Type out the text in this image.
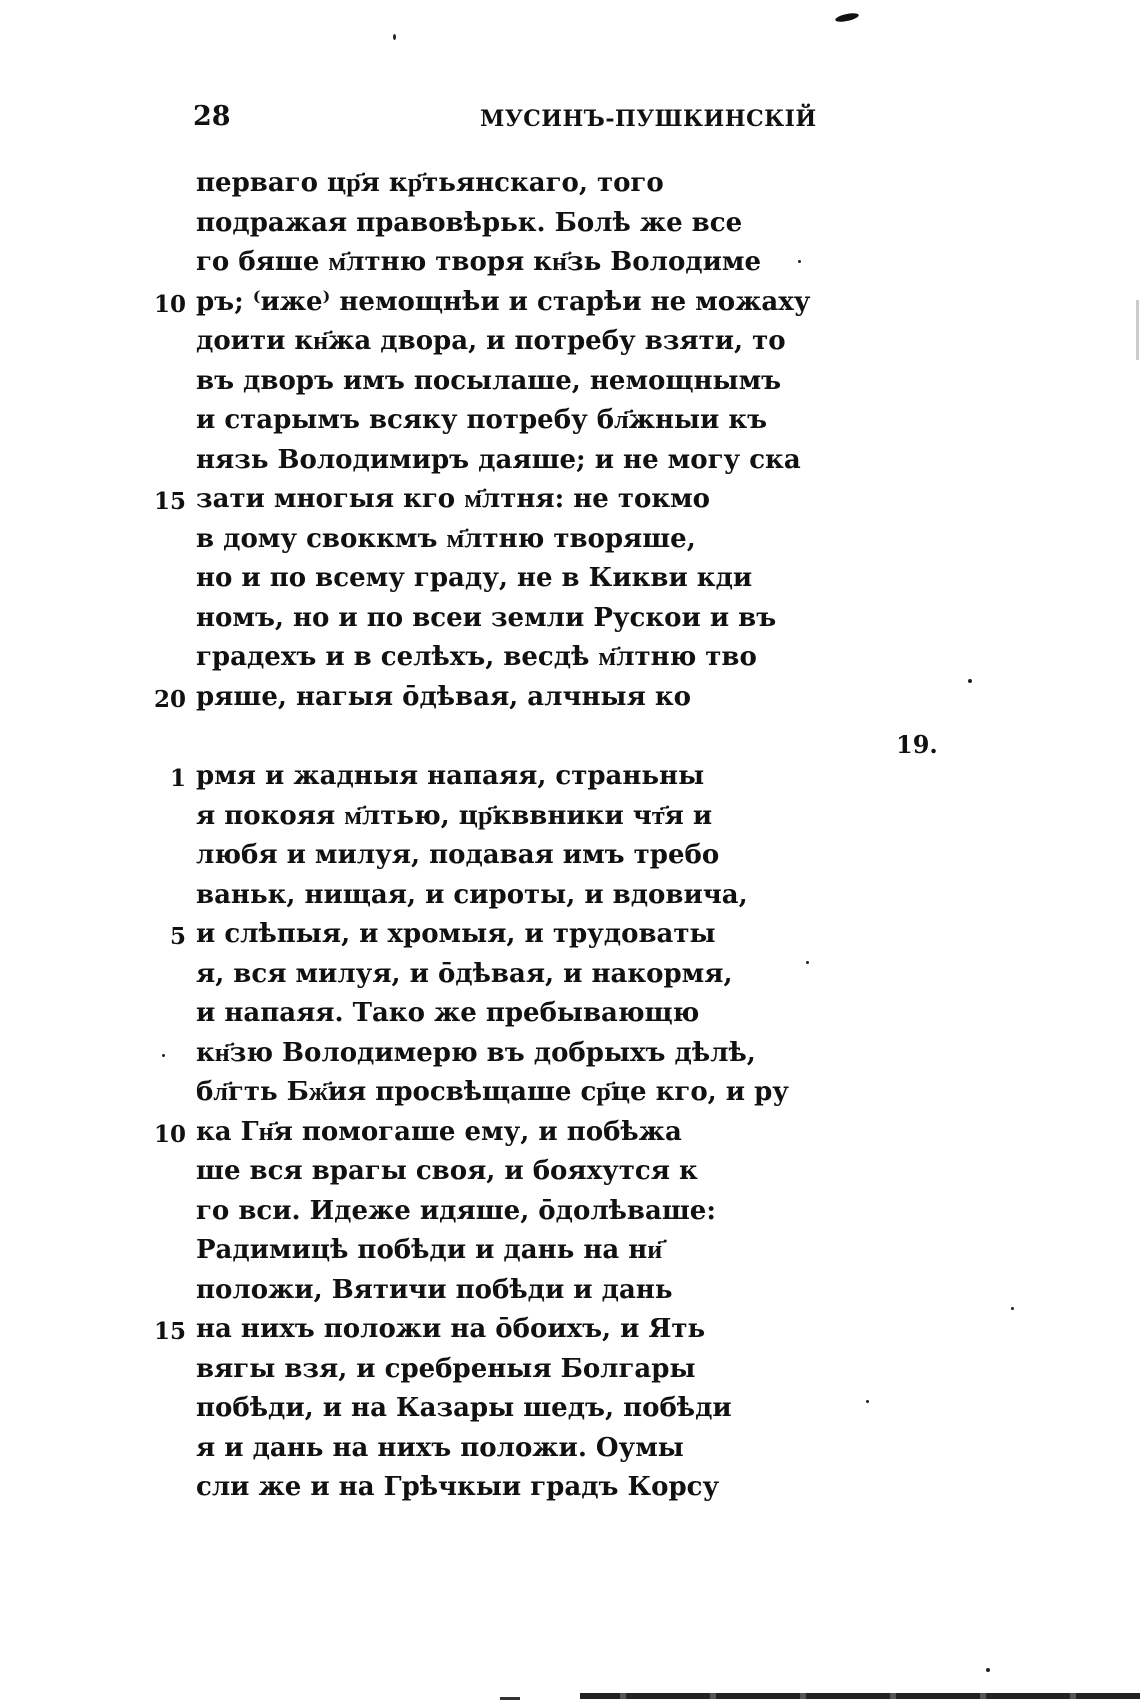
28	МУСИНЪ-ПУШКИНСКІЙ
19.
перваго цр҃я кр҃тьянскаго, того
подражая правовѣрьк. Болѣ же все
го бяше м҃лтню творя кн҃зь Володиме
10 ръ; ⁽иже⁾ немощнѣи и старѣи не можаху
доити кн҃жа двора, и потребу взяти, то
въ дворъ имъ посылаше, немощнымъ
и старымъ всяку потребу бл҃жныи къ
нязь Володимиръ даяше; и не могу ска
15 зати многыя кго м҃лтня: не токмо
в дому своккмъ м҃лтню творяше,
но и по всему граду, не в Кикви кди
номъ, но и по всеи земли Рускои и въ
градехъ и в селѣхъ, веcдѣ м҃лтню тво
20 ряше, нагыя ōдѣвая, алчныя ко
1 рмя и жадныя напаяя, страньны
я покояя м҃лтью, цр҃кввники чт҃я и
любя и милуя, подавая имъ требо
ваньк, нищая, и сироты, и вдовича,
5 и слѣпыя, и хромыя, и трудоваты
я, вся милуя, и ōдѣвая, и накормя,
и напаяя. Тако же пребывающю
кн҃зю Володимерю въ добрыхъ дѣлѣ,
бл҃гть Бж҃ия просвѣщаше ср҃це кго, и ру
10 ка Гн҃я помогаше ему, и побѣжа
ше вся врагы своя, и бояхутся к
го вси. Идеже идяше, ōдолѣваше:
Радимицѣ побѣди и дань на ни҃
положи, Вятичи побѣди и дань
15 на нихъ положи на ōбоихъ, и Ять
вягы взя, и сребреныя Болгары
побѣди, и на Казары шедъ, побѣди
я и дань на нихъ положи. Оумы
сли же и на Грѣчкыи градъ Корсу
